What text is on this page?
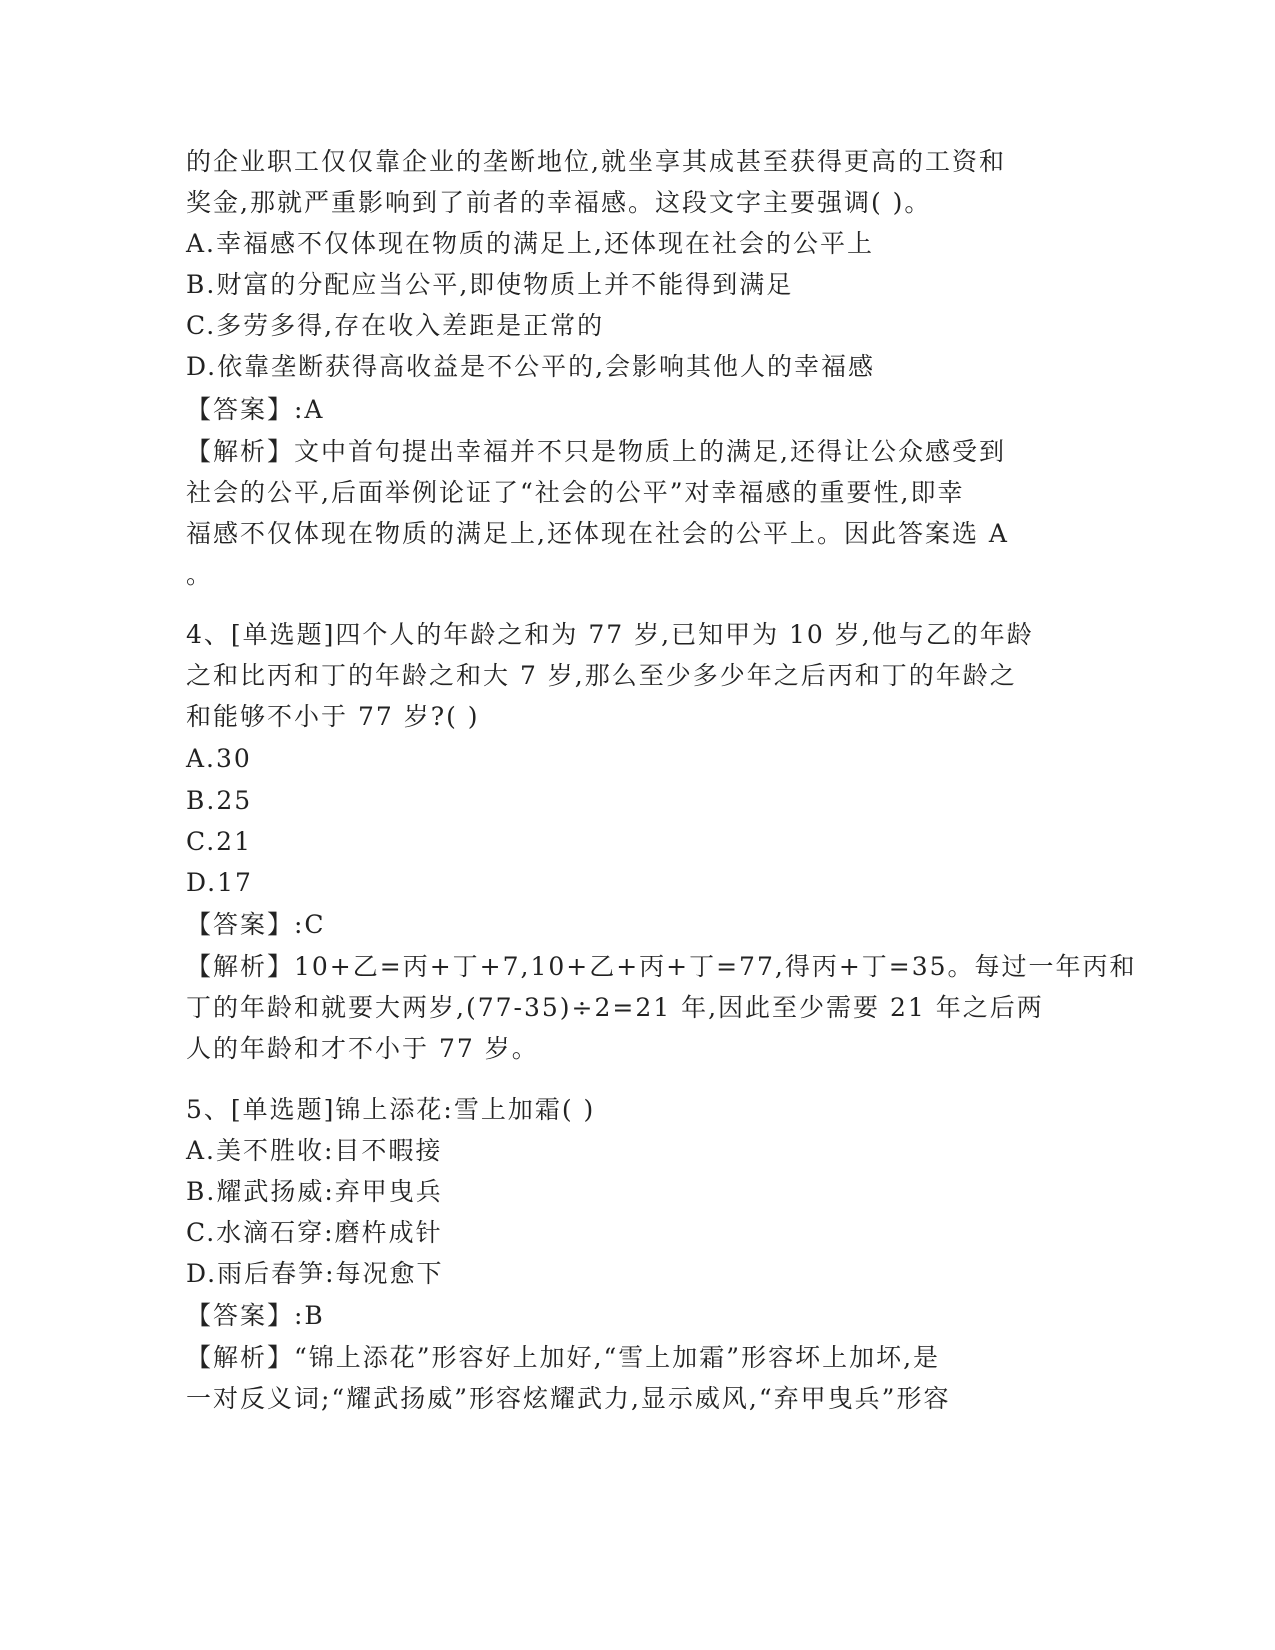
的企业职工仅仅靠企业的垄断地位,就坐享其成甚至获得更高的工资和
奖金,那就严重影响到了前者的幸福感。这段文字主要强调( )。
A.幸福感不仅体现在物质的满足上,还体现在社会的公平上
B.财富的分配应当公平,即使物质上并不能得到满足
C.多劳多得,存在收入差距是正常的
D.依靠垄断获得高收益是不公平的,会影响其他人的幸福感
【答案】:A
【解析】文中首句提出幸福并不只是物质上的满足,还得让公众感受到
社会的公平,后面举例论证了“社会的公平”对幸福感的重要性,即幸
福感不仅体现在物质的满足上,还体现在社会的公平上。因此答案选 A
。
4、[单选题]四个人的年龄之和为 77 岁,已知甲为 10 岁,他与乙的年龄
之和比丙和丁的年龄之和大 7 岁,那么至少多少年之后丙和丁的年龄之
和能够不小于 77 岁?( )
A.30
B.25
C.21
D.17
【答案】:C
【解析】10+乙=丙+丁+7,10+乙+丙+丁=77,得丙+丁=35。每过一年丙和
丁的年龄和就要大两岁,(77-35)÷2=21 年,因此至少需要 21 年之后两
人的年龄和才不小于 77 岁。
5、[单选题]锦上添花:雪上加霜( )
A.美不胜收:目不暇接
B.耀武扬威:弃甲曳兵
C.水滴石穿:磨杵成针
D.雨后春笋:每况愈下
【答案】:B
【解析】“锦上添花”形容好上加好,“雪上加霜”形容坏上加坏,是
一对反义词;“耀武扬威”形容炫耀武力,显示威风,“弃甲曳兵”形容
